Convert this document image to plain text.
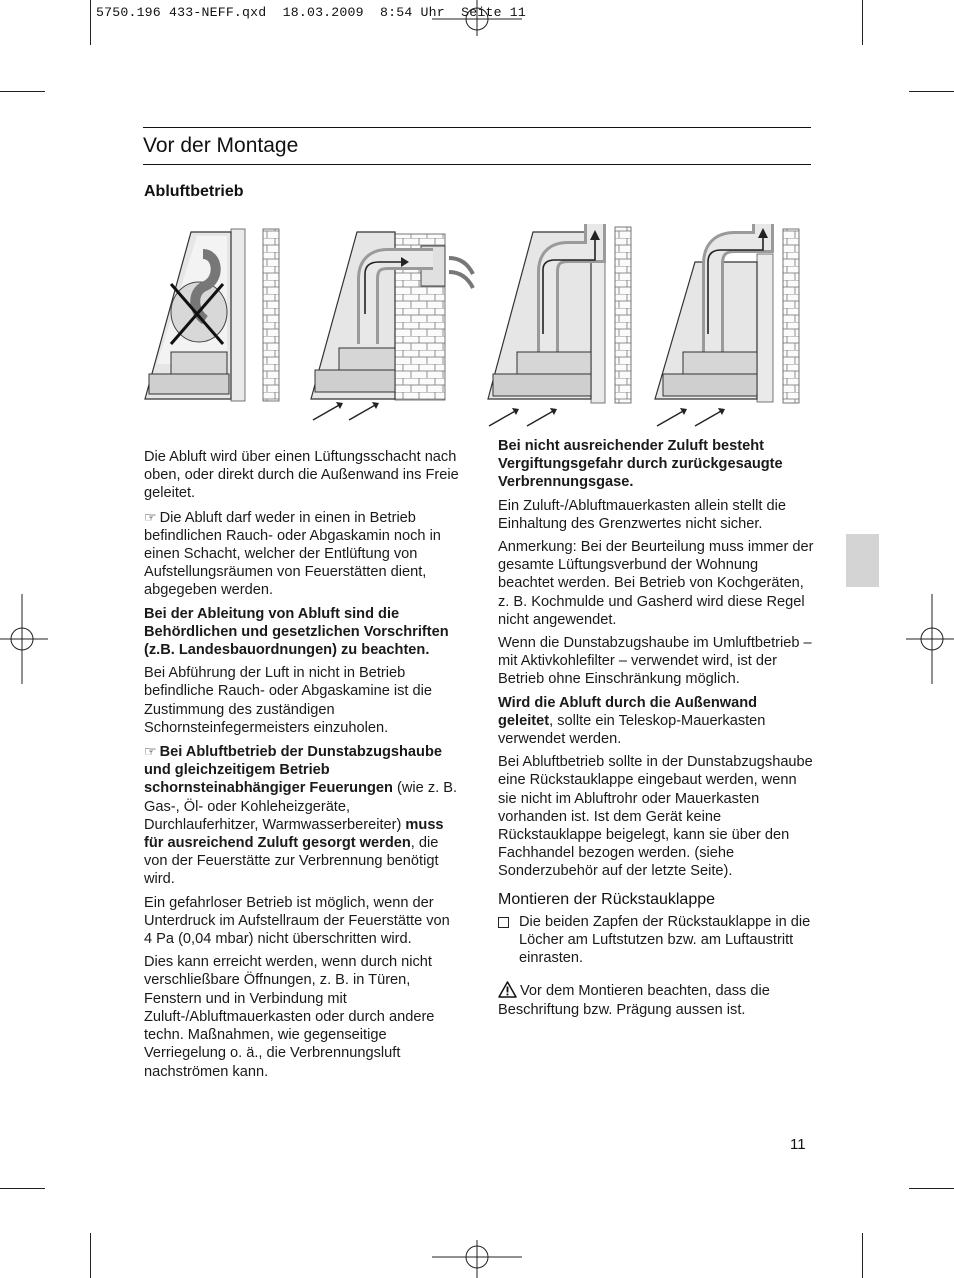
5750.196 433-NEFF.qxd  18.03.2009  8:54 Uhr  Seite 11
Vor der Montage
Abluftbetrieb

Die Abluft wird über einen Lüftungsschacht nach oben, oder direkt durch die Außenwand ins Freie geleitet.

☞ Die Abluft darf weder in einen in Betrieb befindlichen Rauch- oder Abgaskamin noch in einen Schacht, welcher der Entlüftung von Aufstellungsräumen von Feuerstätten dient, abgegeben werden.

Bei der Ableitung von Abluft sind die Behördlichen und gesetzlichen Vorschriften (z.B. Landesbauordnungen) zu beachten.

Bei Abführung der Luft in nicht in Betrieb befindliche Rauch- oder Abgaskamine ist die Zustimmung des zuständigen Schornsteinfegermeisters einzuholen.

☞ Bei Abluftbetrieb der Dunstabzugshaube und gleichzeitigem Betrieb schornsteinabhängiger Feuerungen (wie z. B. Gas-, Öl- oder Kohleheizgeräte, Durchlauferhitzer, Warmwasserbereiter) muss für ausreichend Zuluft gesorgt werden, die von der Feuerstätte zur Verbrennung benötigt wird.

Ein gefahrloser Betrieb ist möglich, wenn der Unterdruck im Aufstellraum der Feuerstätte von 4 Pa (0,04 mbar) nicht überschritten wird.

Dies kann erreicht werden, wenn durch nicht verschließbare Öffnungen, z. B. in Türen, Fenstern und in Verbindung mit Zuluft-/Abluftmauerkasten oder durch andere techn. Maßnahmen, wie gegenseitige Verriegelung o. ä., die Verbrennungsluft nachströmen kann.

Bei nicht ausreichender Zuluft besteht Vergiftungsgefahr durch zurückgesaugte Verbrennungsgase.

Ein Zuluft-/Abluftmauerkasten allein stellt die Einhaltung des Grenzwertes nicht sicher.

Anmerkung: Bei der Beurteilung muss immer der gesamte Lüftungsverbund der Wohnung beachtet werden. Bei Betrieb von Kochgeräten, z. B. Kochmulde und Gasherd wird diese Regel nicht angewendet.

Wenn die Dunstabzugshaube im Umluftbetrieb – mit Aktivkohlefilter – verwendet wird, ist der Betrieb ohne Einschränkung möglich.

Wird die Abluft durch die Außenwand geleitet, sollte ein Teleskop-Mauerkasten verwendet werden.

Bei Abluftbetrieb sollte in der Dunstabzugshaube eine Rückstauklappe eingebaut werden, wenn sie nicht im Abluftrohr oder Mauerkasten vorhanden ist. Ist dem Gerät keine Rückstauklappe beigelegt, kann sie über den Fachhandel bezogen werden. (siehe Sonderzubehör auf der letzte Seite).

Montieren der Rückstauklappe
Die beiden Zapfen der Rückstauklappe in die Löcher am Luftstutzen bzw. am Luftaustritt einrasten.

Vor dem Montieren beachten, dass die Beschriftung bzw. Prägung aussen ist.

11
